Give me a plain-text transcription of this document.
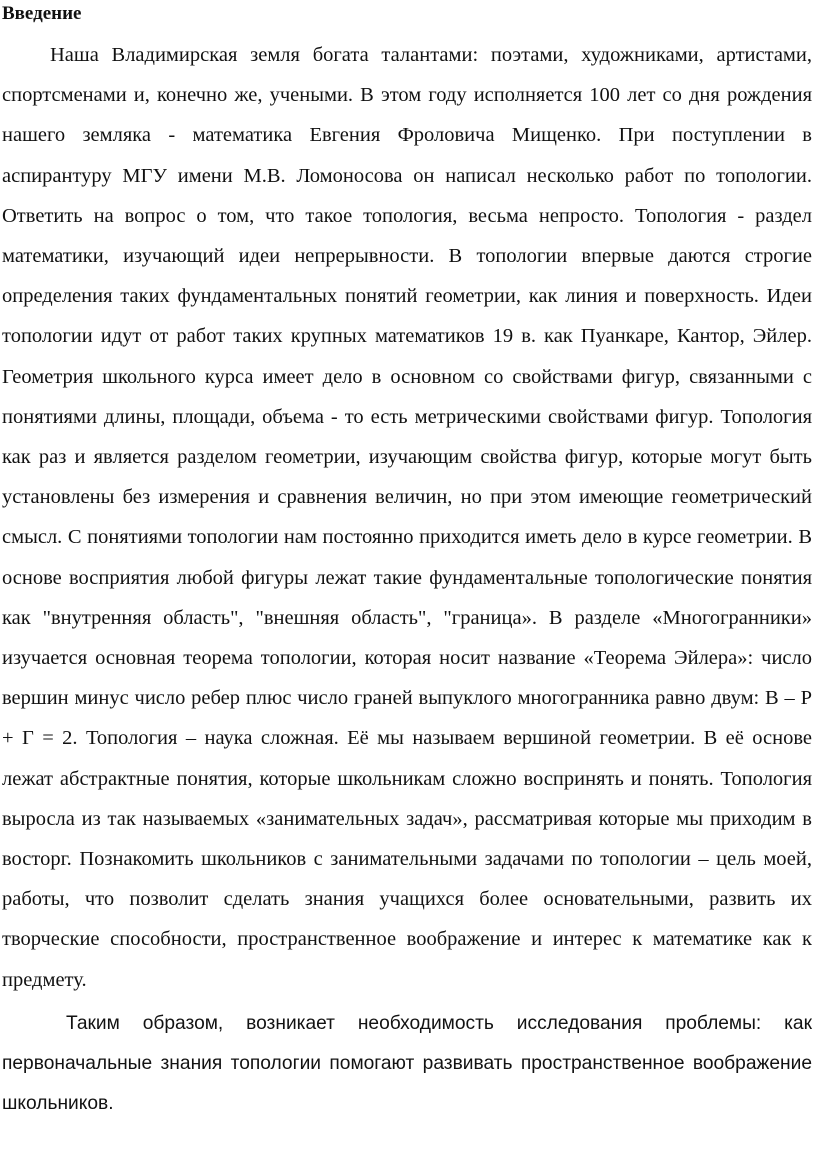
Введение

Наша Владимирская земля богата талантами: поэтами, художниками, артистами, спортсменами и, конечно же, учеными. В этом году исполняется 100 лет со дня рождения нашего земляка - математика Евгения Фроловича Мищенко. При поступлении в аспирантуру МГУ имени М.В. Ломоносова он написал несколько работ по топологии. Ответить на вопрос о том, что такое топология, весьма непросто. Топология - раздел математики, изучающий идеи непрерывности. В топологии впервые даются строгие определения таких фундаментальных понятий геометрии, как линия и поверхность. Идеи топологии идут от работ таких крупных математиков 19 в. как Пуанкаре, Кантор, Эйлер. Геометрия школьного курса имеет дело в основном со свойствами фигур, связанными с понятиями длины, площади, объема - то есть метрическими свойствами фигур. Топология как раз и является разделом геометрии, изучающим свойства фигур, которые могут быть установлены без измерения и сравнения величин, но при этом имеющие геометрический смысл. С понятиями топологии нам постоянно приходится иметь дело в курсе геометрии. В основе восприятия любой фигуры лежат такие фундаментальные топологические понятия как "внутренняя область", "внешняя область", "граница». В разделе «Многогранники» изучается основная теорема топологии, которая носит название «Теорема Эйлера»: число вершин минус число ребер плюс число граней выпуклого многогранника равно двум: В – Р + Г = 2. Топология – наука сложная. Её мы называем вершиной геометрии. В её основе лежат абстрактные понятия, которые школьникам сложно воспринять и понять. Топология выросла из так называемых «занимательных задач», рассматривая которые мы приходим в восторг. Познакомить школьников с занимательными задачами по топологии – цель моей, работы, что позволит сделать знания учащихся более основательными, развить их творческие способности, пространственное воображение и интерес к математике как к предмету.

Таким образом, возникает необходимость исследования проблемы: как первоначальные знания топологии помогают развивать пространственное воображение школьников.
